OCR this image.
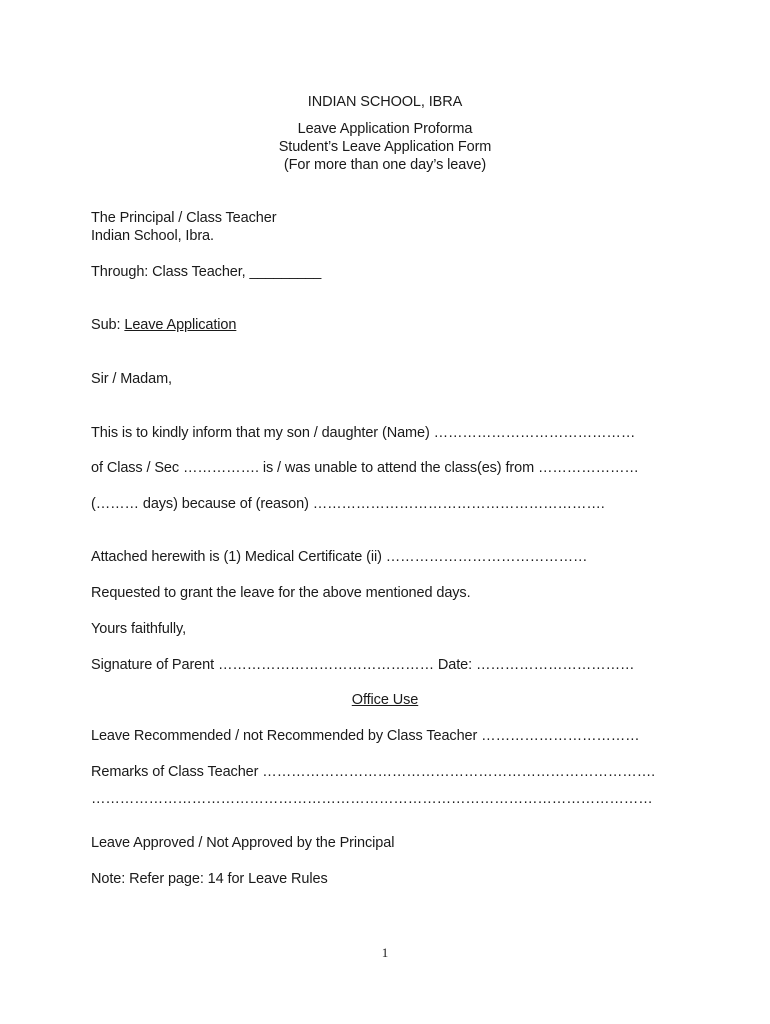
INDIAN SCHOOL, IBRA

Leave Application Proforma

Student’s Leave Application Form

(For more than one day’s leave)

The Principal / Class Teacher

Indian School, Ibra.

Through: Class Teacher, _________

Sub: Leave Application

Sir / Madam,

This is to kindly inform that my son / daughter (Name) ……………………………………

of Class / Sec ……………. is / was unable to attend the class(es) from …………………

(……… days) because of (reason) …………………………………………………….

Attached herewith is (1) Medical Certificate (ii) ……………………………………

Requested to grant the leave for the above mentioned days.

Yours faithfully,

Signature of Parent ……………………………………… Date: ……………………………

Office Use

Leave Recommended / not Recommended by Class Teacher ……………………………

Remarks of Class Teacher ……………………………………………………………………….

………………………………………………………………………………………………………

Leave Approved / Not Approved by the Principal

Note: Refer page: 14 for Leave Rules

1
